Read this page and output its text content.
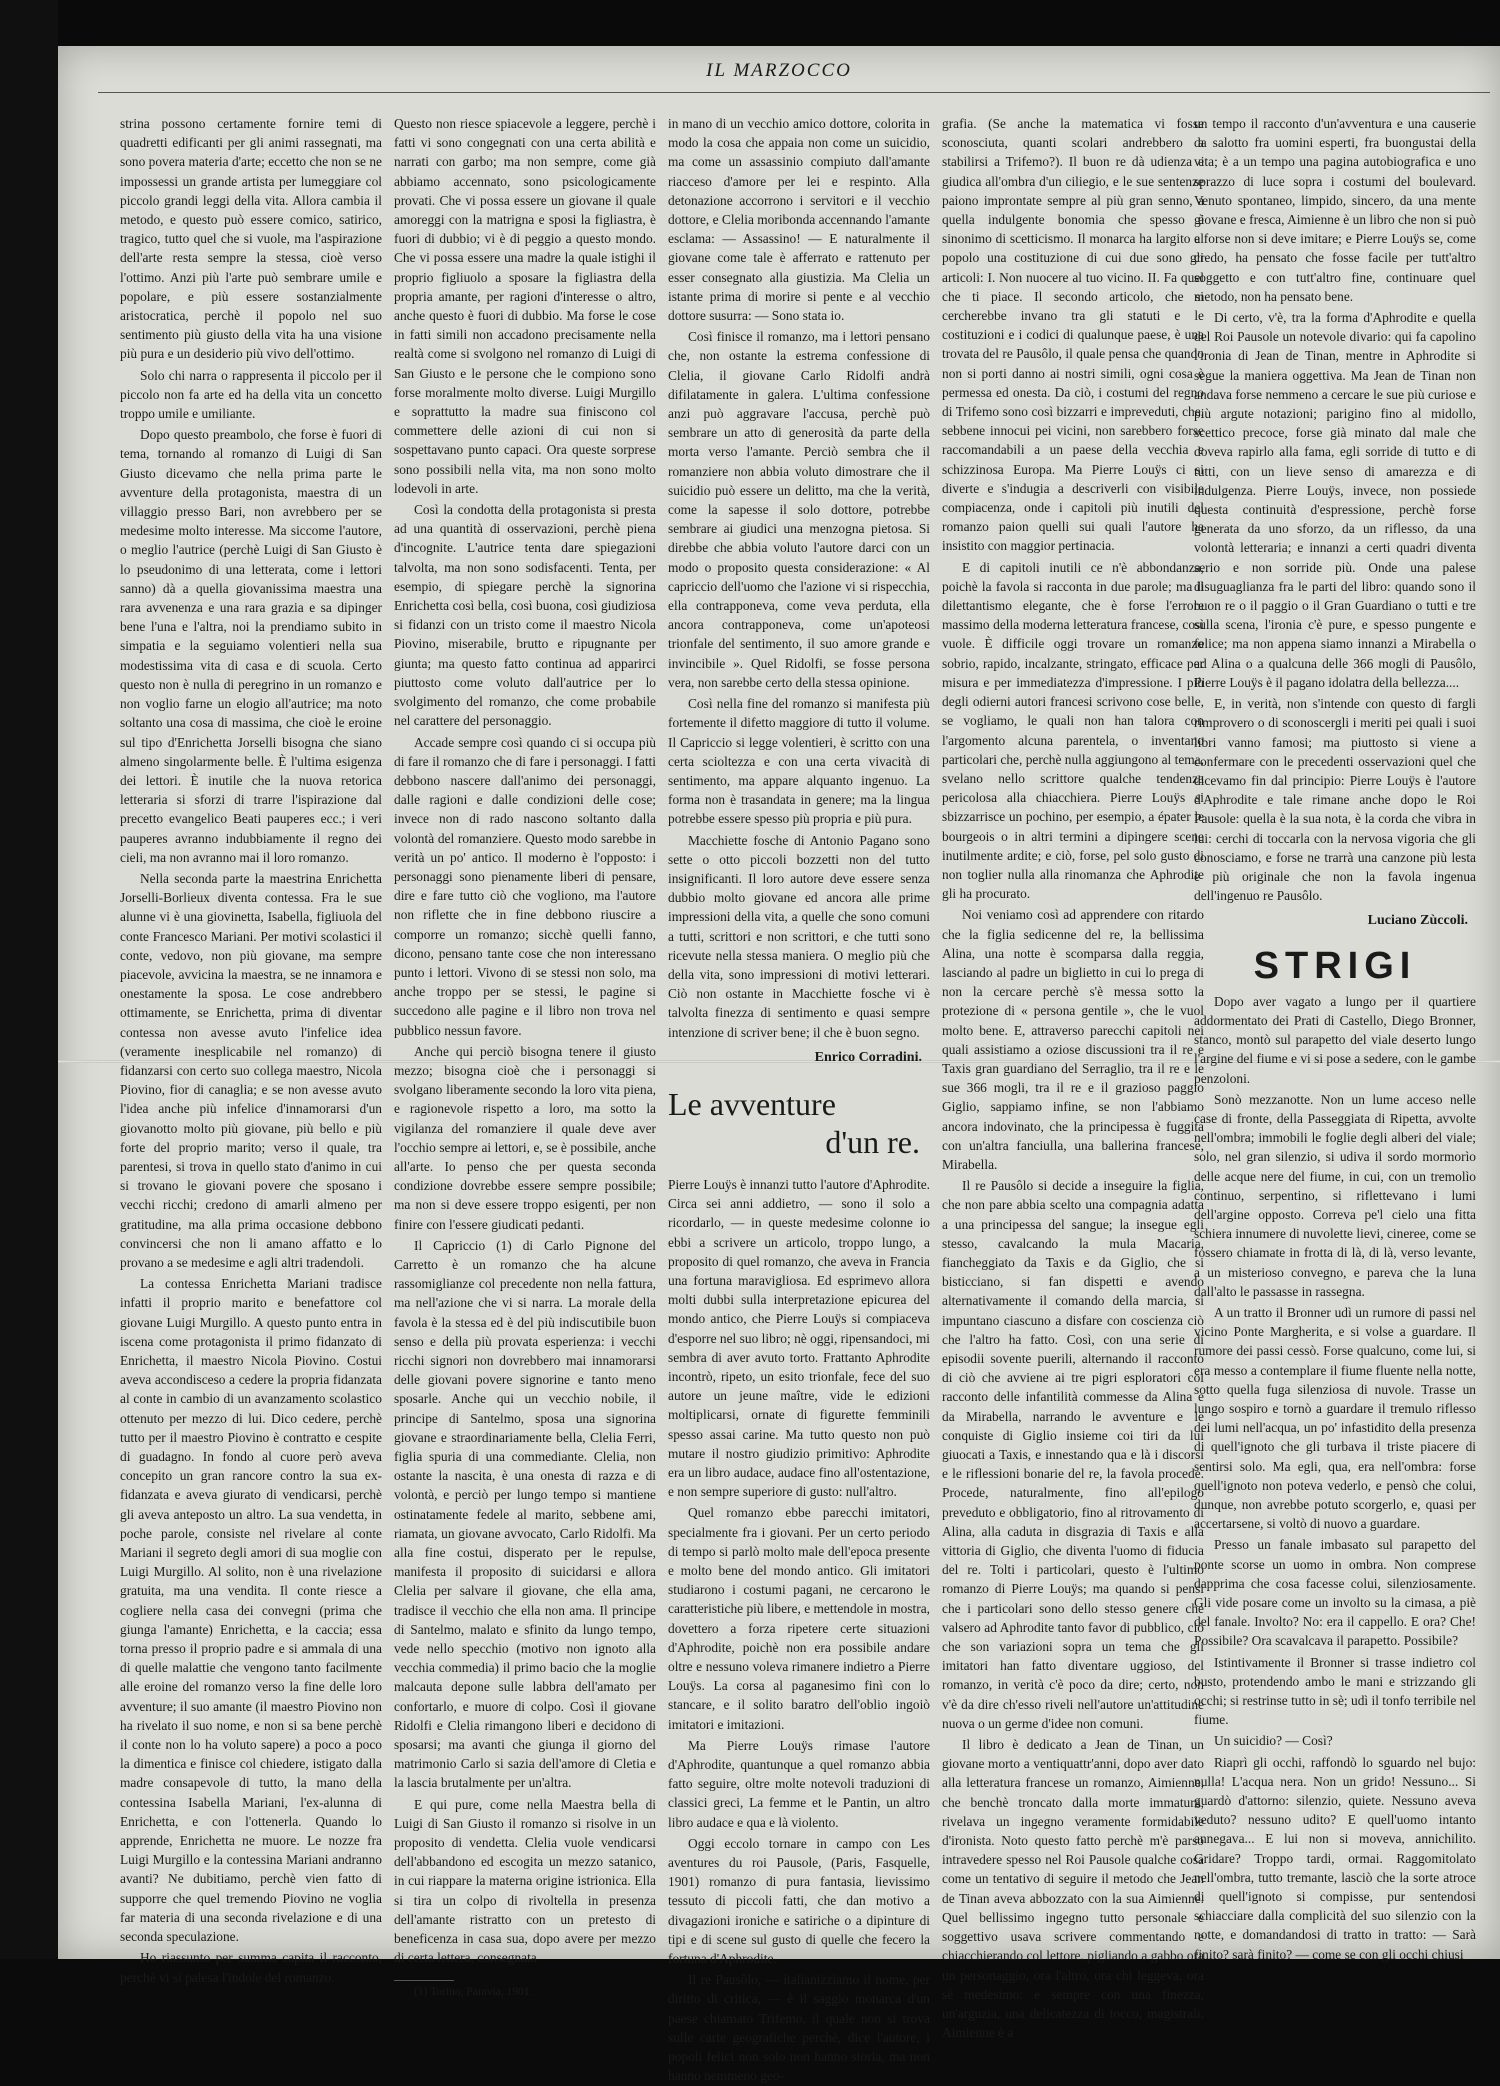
IL MARZOCCO

strina possono certamente fornire temi di quadretti edificanti per gli animi rassegnati, ma sono povera materia d'arte; eccetto che non se ne impossessi un grande artista per lumeggiare col piccolo grandi leggi della vita. Allora cambia il metodo, e questo può essere comico, satirico, tragico, tutto quel che si vuole, ma l'aspirazione dell'arte resta sempre la stessa, cioè verso l'ottimo. Anzi più l'arte può sembrare umile e popolare, e più essere sostanzialmente aristocratica, perchè il popolo nel suo sentimento più giusto della vita ha una visione più pura e un desiderio più vivo dell'ottimo.

Solo chi narra o rappresenta il piccolo per il piccolo non fa arte ed ha della vita un concetto troppo umile e umiliante.

Dopo questo preambolo, che forse è fuori di tema, tornando al romanzo di Luigi di San Giusto dicevamo che nella prima parte le avventure della protagonista, maestra di un villaggio presso Bari, non avrebbero per se medesime molto interesse. Ma siccome l'autore, o meglio l'autrice (perchè Luigi di San Giusto è lo pseudonimo di una letterata, come i lettori sanno) dà a quella giovanissima maestra una rara avvenenza e una rara grazia e sa dipinger bene l'una e l'altra, noi la prendiamo subito in simpatia e la seguiamo volentieri nella sua modestissima vita di casa e di scuola. Certo questo non è nulla di peregrino in un romanzo e non voglio farne un elogio all'autrice; ma noto soltanto una cosa di massima, che cioè le eroine sul tipo d'Enrichetta Jorselli bisogna che siano almeno singolarmente belle. È l'ultima esigenza dei lettori. È inutile che la nuova retorica letteraria si sforzi di trarre l'ispirazione dal precetto evangelico Beati pauperes ecc.; i veri pauperes avranno indubbiamente il regno dei cieli, ma non avranno mai il loro romanzo.

Nella seconda parte la maestrina Enrichetta Jorselli-Borlieux diventa contessa. Fra le sue alunne vi è una giovinetta, Isabella, figliuola del conte Francesco Mariani. Per motivi scolastici il conte, vedovo, non più giovane, ma sempre piacevole, avvicina la maestra, se ne innamora e onestamente la sposa. Le cose andrebbero ottimamente, se Enrichetta, prima di diventar contessa non avesse avuto l'infelice idea (veramente inesplicabile nel romanzo) di fidanzarsi con certo suo collega maestro, Nicola Piovino, fior di canaglia; e se non avesse avuto l'idea anche più infelice d'innamorarsi d'un giovanotto molto più giovane, più bello e più forte del proprio marito; verso il quale, tra parentesi, si trova in quello stato d'animo in cui si trovano le giovani povere che sposano i vecchi ricchi; credono di amarli almeno per gratitudine, ma alla prima occasione debbono convincersi che non li amano affatto e lo provano a se medesime e agli altri tradendoli.

La contessa Enrichetta Mariani tradisce infatti il proprio marito e benefattore col giovane Luigi Murgillo. A questo punto entra in iscena come protagonista il primo fidanzato di Enrichetta, il maestro Nicola Piovino. Costui aveva accondisceso a cedere la propria fidanzata al conte in cambio di un avanzamento scolastico ottenuto per mezzo di lui. Dico cedere, perchè tutto per il maestro Piovino è contratto e cespite di guadagno. In fondo al cuore però aveva concepito un gran rancore contro la sua ex-fidanzata e aveva giurato di vendicarsi, perchè gli aveva anteposto un altro. La sua vendetta, in poche parole, consiste nel rivelare al conte Mariani il segreto degli amori di sua moglie con Luigi Murgillo. Al solito, non è una rivelazione gratuita, ma una vendita. Il conte riesce a cogliere nella casa dei convegni (prima che giunga l'amante) Enrichetta, e la caccia; essa torna presso il proprio padre e si ammala di una di quelle malattie che vengono tanto facilmente alle eroine del romanzo verso la fine delle loro avventure; il suo amante (il maestro Piovino non ha rivelato il suo nome, e non si sa bene perchè il conte non lo ha voluto sapere) a poco a poco la dimentica e finisce col chiedere, istigato dalla madre consapevole di tutto, la mano della contessina Isabella Mariani, l'ex-alunna di Enrichetta, e con l'ottenerla. Quando lo apprende, Enrichetta ne muore. Le nozze fra Luigi Murgillo e la contessina Mariani andranno avanti? Ne dubitiamo, perchè vien fatto di supporre che quel tremendo Piovino ne voglia far materia di una seconda rivelazione e di una seconda speculazione.

Ho riassunto per summa capita il racconto, perchè vi si palesa l'indole del romanzo.

Questo non riesce spiacevole a leggere, perchè i fatti vi sono congegnati con una certa abilità e narrati con garbo; ma non sempre, come già abbiamo accennato, sono psicologicamente provati. Che vi possa essere un giovane il quale amoreggi con la matrigna e sposi la figliastra, è fuori di dubbio; vi è di peggio a questo mondo. Che vi possa essere una madre la quale istighi il proprio figliuolo a sposare la figliastra della propria amante, per ragioni d'interesse o altro, anche questo è fuori di dubbio. Ma forse le cose in fatti simili non accadono precisamente nella realtà come si svolgono nel romanzo di Luigi di San Giusto e le persone che le compiono sono forse moralmente molto diverse. Luigi Murgillo e soprattutto la madre sua finiscono col commettere delle azioni di cui non si sospettavano punto capaci. Ora queste sorprese sono possibili nella vita, ma non sono molto lodevoli in arte.

Così la condotta della protagonista si presta ad una quantità di osservazioni, perchè piena d'incognite. L'autrice tenta dare spiegazioni talvolta, ma non sono sodisfacenti. Tenta, per esempio, di spiegare perchè la signorina Enrichetta così bella, così buona, così giudiziosa si fidanzi con un tristo come il maestro Nicola Piovino, miserabile, brutto e ripugnante per giunta; ma questo fatto continua ad apparirci piuttosto come voluto dall'autrice per lo svolgimento del romanzo, che come probabile nel carattere del personaggio.

Accade sempre così quando ci si occupa più di fare il romanzo che di fare i personaggi. I fatti debbono nascere dall'animo dei personaggi, dalle ragioni e dalle condizioni delle cose; invece non di rado nascono soltanto dalla volontà del romanziere. Questo modo sarebbe in verità un po' antico. Il moderno è l'opposto: i personaggi sono pienamente liberi di pensare, dire e fare tutto ciò che vogliono, ma l'autore non riflette che in fine debbono riuscire a comporre un romanzo; sicchè quelli fanno, dicono, pensano tante cose che non interessano punto i lettori. Vivono di se stessi non solo, ma anche troppo per se stessi, le pagine si succedono alle pagine e il libro non trova nel pubblico nessun favore.

Anche qui perciò bisogna tenere il giusto mezzo; bisogna cioè che i personaggi si svolgano liberamente secondo la loro vita piena, e ragionevole rispetto a loro, ma sotto la vigilanza del romanziere il quale deve aver l'occhio sempre ai lettori, e, se è possibile, anche all'arte. Io penso che per questa seconda condizione dovrebbe essere sempre possibile; ma non si deve essere troppo esigenti, per non finire con l'essere giudicati pedanti.

Il Capriccio (1) di Carlo Pignone del Carretto è un romanzo che ha alcune rassomiglianze col precedente non nella fattura, ma nell'azione che vi si narra. La morale della favola è la stessa ed è del più indiscutibile buon senso e della più provata esperienza: i vecchi ricchi signori non dovrebbero mai innamorarsi delle giovani povere signorine e tanto meno sposarle. Anche qui un vecchio nobile, il principe di Santelmo, sposa una signorina giovane e straordinariamente bella, Clelia Ferri, figlia spuria di una commediante. Clelia, non ostante la nascita, è una onesta di razza e di volontà, e perciò per lungo tempo si mantiene ostinatamente fedele al marito, sebbene ami, riamata, un giovane avvocato, Carlo Ridolfi. Ma alla fine costui, disperato per le repulse, manifesta il proposito di suicidarsi e allora Clelia per salvare il giovane, che ella ama, tradisce il vecchio che ella non ama. Il principe di Santelmo, malato e sfinito da lungo tempo, vede nello specchio (motivo non ignoto alla vecchia commedia) il primo bacio che la moglie malcauta depone sulle labbra dell'amato per confortarlo, e muore di colpo. Così il giovane Ridolfi e Clelia rimangono liberi e decidono di sposarsi; ma avanti che giunga il giorno del matrimonio Carlo si sazia dell'amore di Cletia e la lascia brutalmente per un'altra.

E qui pure, come nella Maestra bella di Luigi di San Giusto il romanzo si risolve in un proposito di vendetta. Clelia vuole vendicarsi dell'abbandono ed escogita un mezzo satanico, in cui riappare la materna origine istrionica. Ella si tira un colpo di rivoltella in presenza dell'amante ristratto con un pretesto di beneficenza in casa sua, dopo avere per mezzo di certa lettera, consegnata

(1) Torino, Paravia, 1901.

in mano di un vecchio amico dottore, colorita in modo la cosa che appaia non come un suicidio, ma come un assassinio compiuto dall'amante riacceso d'amore per lei e respinto. Alla detonazione accorrono i servitori e il vecchio dottore, e Clelia moribonda accennando l'amante esclama: — Assassino! — E naturalmente il giovane come tale è afferrato e rattenuto per esser consegnato alla giustizia. Ma Clelia un istante prima di morire si pente e al vecchio dottore susurra: — Sono stata io.

Così finisce il romanzo, ma i lettori pensano che, non ostante la estrema confessione di Clelia, il giovane Carlo Ridolfi andrà difilatamente in galera. L'ultima confessione anzi può aggravare l'accusa, perchè può sembrare un atto di generosità da parte della morta verso l'amante. Perciò sembra che il romanziere non abbia voluto dimostrare che il suicidio può essere un delitto, ma che la verità, come la sapesse il solo dottore, potrebbe sembrare ai giudici una menzogna pietosa. Si direbbe che abbia voluto l'autore darci con un modo o proposito questa considerazione: « Al capriccio dell'uomo che l'azione vi si rispecchia, ella contrapponeva, come veva perduta, ella ancora contrapponeva, come un'apoteosi trionfale del sentimento, il suo amore grande e invincibile ». Quel Ridolfi, se fosse persona vera, non sarebbe certo della stessa opinione.

Così nella fine del romanzo si manifesta più fortemente il difetto maggiore di tutto il volume. Il Capriccio si legge volentieri, è scritto con una certa scioltezza e con una certa vivacità di sentimento, ma appare alquanto ingenuo. La forma non è trasandata in genere; ma la lingua potrebbe essere spesso più propria e più pura.

Macchiette fosche di Antonio Pagano sono sette o otto piccoli bozzetti non del tutto insignificanti. Il loro autore deve essere senza dubbio molto giovane ed ancora alle prime impressioni della vita, a quelle che sono comuni a tutti, scrittori e non scrittori, e che tutti sono ricevute nella stessa maniera. O meglio più che della vita, sono impressioni di motivi letterari. Ciò non ostante in Macchiette fosche vi è talvolta finezza di sentimento e quasi sempre intenzione di scriver bene; il che è buon segno.

Enrico Corradini.
Le avventure
d'un re.

Pierre Louÿs è innanzi tutto l'autore d'Aphrodite. Circa sei anni addietro, — sono il solo a ricordarlo, — in queste medesime colonne io ebbi a scrivere un articolo, troppo lungo, a proposito di quel romanzo, che aveva in Francia una fortuna maravigliosa. Ed esprimevo allora molti dubbi sulla interpretazione epicurea del mondo antico, che Pierre Louÿs si compiaceva d'esporre nel suo libro; nè oggi, ripensandoci, mi sembra di aver avuto torto. Frattanto Aphrodite incontrò, ripeto, un esito trionfale, fece del suo autore un jeune maître, vide le edizioni moltiplicarsi, ornate di figurette femminili spesso assai carine. Ma tutto questo non può mutare il nostro giudizio primitivo: Aphrodite era un libro audace, audace fino all'ostentazione, e non sempre superiore di gusto: null'altro.

Quel romanzo ebbe parecchi imitatori, specialmente fra i giovani. Per un certo periodo di tempo si parlò molto male dell'epoca presente e molto bene del mondo antico. Gli imitatori studiarono i costumi pagani, ne cercarono le caratteristiche più libere, e mettendole in mostra, dovettero a forza ripetere certe situazioni d'Aphrodite, poichè non era possibile andare oltre e nessuno voleva rimanere indietro a Pierre Louÿs. La corsa al paganesimo finì con lo stancare, e il solito baratro dell'oblio ingoiò imitatori e imitazioni.

Ma Pierre Louÿs rimase l'autore d'Aphrodite, quantunque a quel romanzo abbia fatto seguire, oltre molte notevoli traduzioni di classici greci, La femme et le Pantin, un altro libro audace e qua e là violento.

Oggi eccolo tornare in campo con Les aventures du roi Pausole, (Paris, Fasquelle, 1901) romanzo di pura fantasia, lievissimo tessuto di piccoli fatti, che dan motivo a divagazioni ironiche e satiriche o a dipinture di tipi e di scene sul gusto di quelle che fecero la fortuna d'Aphrodite.

Il re Pausôlo, — italianizziamo il nome, per diritto di critica, — è il saggio monarca d'un paese chiamato Trifemo, il quale non si trova sulle carte geografiche perchè, dice l'autore, i popoli felici non solo non hanno storia, ma non hanno nemmeno geo-

grafia. (Se anche la matematica vi fosse sconosciuta, quanti scolari andrebbero a stabilirsi a Trifemo?). Il buon re dà udienza e giudica all'ombra d'un ciliegio, e le sue sentenze paiono improntate sempre al più gran senno, a quella indulgente bonomia che spesso è sinonimo di scetticismo. Il monarca ha largito al popolo una costituzione di cui due sono gli articoli: I. Non nuocere al tuo vicino. II. Fa quel che ti piace. Il secondo articolo, che si cercherebbe invano tra gli statuti e le costituzioni e i codici di qualunque paese, è una trovata del re Pausôlo, il quale pensa che quando non si porti danno ai nostri simili, ogni cosa è permessa ed onesta. Da ciò, i costumi del regno di Trifemo sono così bizzarri e impreveduti, che, sebbene innocui pei vicini, non sarebbero forse raccomandabili a un paese della vecchia e schizzinosa Europa. Ma Pierre Louÿs ci si diverte e s'indugia a descriverli con visibile compiacenza, onde i capitoli più inutili del romanzo paion quelli sui quali l'autore ha insistito con maggior pertinacia.

E di capitoli inutili ce n'è abbondanza, poichè la favola si racconta in due parole; ma il dilettantismo elegante, che è forse l'errore massimo della moderna letteratura francese, così vuole. È difficile oggi trovare un romanzo sobrio, rapido, incalzante, stringato, efficace per misura e per immediatezza d'impressione. I più degli odierni autori francesi scrivono cose belle, se vogliamo, le quali non han talora con l'argomento alcuna parentela, o inventano particolari che, perchè nulla aggiungono al tema, svelano nello scrittore qualche tendenza pericolosa alla chiacchiera. Pierre Louÿs si sbizzarrisce un pochino, per esempio, a épater le bourgeois o in altri termini a dipingere scene inutilmente ardite; e ciò, forse, pel solo gusto di non toglier nulla alla rinomanza che Aphrodite gli ha procurato.

Noi veniamo così ad apprendere con ritardo che la figlia sedicenne del re, la bellissima Alina, una notte è scomparsa dalla reggia, lasciando al padre un biglietto in cui lo prega di non la cercare perchè s'è messa sotto la protezione di « persona gentile », che le vuol molto bene. E, attraverso parecchi capitoli nei quali assistiamo a oziose discussioni tra il re e Taxis gran guardiano del Serraglio, tra il re e le sue 366 mogli, tra il re e il grazioso paggio Giglio, sappiamo infine, se non l'abbiamo ancora indovinato, che la principessa è fuggita con un'altra fanciulla, una ballerina francese, Mirabella.

Il re Pausôlo si decide a inseguire la figlia, che non pare abbia scelto una compagnia adatta a una principessa del sangue; la insegue egli stesso, cavalcando la mula Macaria, fiancheggiato da Taxis e da Giglio, che si bisticciano, si fan dispetti e avendo alternativamente il comando della marcia, si impuntano ciascuno a disfare con coscienza ciò che l'altro ha fatto. Così, con una serie di episodii sovente puerili, alternando il racconto di ciò che avviene ai tre pigri esploratori col racconto delle infantilità commesse da Alina e da Mirabella, narrando le avventure e le conquiste di Giglio insieme coi tiri da lui giuocati a Taxis, e innestando qua e là i discorsi e le riflessioni bonarie del re, la favola procede. Procede, naturalmente, fino all'epilogo preveduto e obbligatorio, fino al ritrovamento di Alina, alla caduta in disgrazia di Taxis e alla vittoria di Giglio, che diventa l'uomo di fiducia del re. Tolti i particolari, questo è l'ultimo romanzo di Pierre Louÿs; ma quando si pensi che i particolari sono dello stesso genere che valsero ad Aphrodite tanto favor di pubblico, ciò che son variazioni sopra un tema che gli imitatori han fatto diventare uggioso, del romanzo, in verità c'è poco da dire; certo, non v'è da dire ch'esso riveli nell'autore un'attitudine nuova o un germe d'idee non comuni.

Il libro è dedicato a Jean de Tinan, un giovane morto a ventiquattr'anni, dopo aver dato alla letteratura francese un romanzo, Aimienne, che benchè troncato dalla morte immatura, rivelava un ingegno veramente formidabile d'ironista. Noto questo fatto perchè m'è parso intravedere spesso nel Roi Pausole qualche cosa come un tentativo di seguire il metodo che Jean de Tinan aveva abbozzato con la sua Aimienne. Quel bellissimo ingegno tutto personale e soggettivo usava scrivere commentando e chiacchierando col lettore, pigliando a gabbo ora un personaggio, ora l'altro, ora chi leggeva, ora sè medesimo: e sempre con una finezza, un'arguzia, una delicatezza di tocco, magistrali. Aimienne è a

un tempo il racconto d'un'avventura e una causerie da salotto fra uomini esperti, fra buongustai della vita; è a un tempo una pagina autobiografica e uno sprazzo di luce sopra i costumi del boulevard. Venuto spontaneo, limpido, sincero, da una mente giovane e fresca, Aimienne è un libro che non si può e forse non si deve imitare; e Pierre Louÿs se, come credo, ha pensato che fosse facile per tutt'altro soggetto e con tutt'altro fine, continuare quel metodo, non ha pensato bene.

Di certo, v'è, tra la forma d'Aphrodite e quella del Roi Pausole un notevole divario: qui fa capolino l'ironia di Jean de Tinan, mentre in Aphrodite si segue la maniera oggettiva. Ma Jean de Tinan non andava forse nemmeno a cercare le sue più curiose e più argute notazioni; parigino fino al midollo, scettico precoce, forse già minato dal male che doveva rapirlo alla fama, egli sorride di tutto e di tutti, con un lieve senso di amarezza e di indulgenza. Pierre Louÿs, invece, non possiede questa continuità d'espressione, perchè forse generata da uno sforzo, da un riflesso, da una volontà letteraria; e innanzi a certi quadri diventa serio e non sorride più. Onde una palese disuguaglianza fra le parti del libro: quando sono il buon re o il paggio o il Gran Guardiano o tutti e tre sulla scena, l'ironia c'è pure, e spesso pungente e felice; ma non appena siamo innanzi a Mirabella o ad Alina o a qualcuna delle 366 mogli di Pausôlo, Pierre Louÿs è il pagano idolatra della bellezza....

E, in verità, non s'intende con questo di fargli rimprovero o di sconoscergli i meriti pei quali i suoi libri vanno famosi; ma piuttosto si viene a confermare con le precedenti osservazioni quel che dicevamo fin dal principio: Pierre Louÿs è l'autore d'Aphrodite e tale rimane anche dopo le Roi Pausole: quella è la sua nota, è la corda che vibra in lui: cerchi di toccarla con la nervosa vigoria che gli conosciamo, e forse ne trarrà una canzone più lesta e più originale che non la favola ingenua dell'ingenuo re Pausôlo.

Luciano Zùccoli.
STRIGI

Dopo aver vagato a lungo per il quartiere addormentato dei Prati di Castello, Diego Bronner, stanco, montò sul parapetto del viale deserto lungo l'argine del fiume e vi si pose a sedere, con le gambe penzoloni.

Sonò mezzanotte. Non un lume acceso nelle case di fronte, della Passeggiata di Ripetta, avvolte nell'ombra; immobili le foglie degli alberi del viale; solo, nel gran silenzio, si udiva il sordo mormorìo delle acque nere del fiume, in cui, con un tremolìo continuo, serpentino, si riflettevano i lumi dell'argine opposto. Correva pe'l cielo una fitta schiera innumere di nuvolette lievi, cineree, come se fossero chiamate in frotta di là, di là, verso levante, a un misterioso convegno, e pareva che la luna dall'alto le passasse in rassegna.

A un tratto il Bronner udì un rumore di passi nel vicino Ponte Margherita, e si volse a guardare. Il rumore dei passi cessò. Forse qualcuno, come lui, si era messo a contemplare il fiume fluente nella notte, sotto quella fuga silenziosa di nuvole. Trasse un lungo sospiro e tornò a guardare il tremulo riflesso dei lumi nell'acqua, un po' infastidito della presenza di quell'ignoto che gli turbava il triste piacere di sentirsi solo. Ma egli, qua, era nell'ombra: forse quell'ignoto non poteva vederlo, e pensò che colui, dunque, non avrebbe potuto scorgerlo, e, quasi per accertarsene, si voltò di nuovo a guardare.

Presso un fanale imbasato sul parapetto del ponte scorse un uomo in ombra. Non comprese dapprima che cosa facesse colui, silenziosamente. Gli vide posare come un involto su la cimasa, a piè del fanale. Involto? No: era il cappello. E ora? Che! Possibile? Ora scavalcava il parapetto. Possibile?

Istintivamente il Bronner si trasse indietro col busto, protendendo ambo le mani e strizzando gli occhi; si restrinse tutto in sè; udì il tonfo terribile nel fiume.

Un suicidio? — Così?

Riaprì gli occhi, raffondò lo sguardo nel bujo: nulla! L'acqua nera. Non un grido! Nessuno... Si guardò d'attorno: silenzio, quiete. Nessuno aveva veduto? nessuno udito? E quell'uomo intanto annegava... E lui non si moveva, annichilito. Gridare? Troppo tardi, ormai. Raggomitolato nell'ombra, tutto tremante, lasciò che la sorte atroce di quell'ignoto si compisse, pur sentendosi schiacciare dalla complicità del suo silenzio con la notte, e domandandosi di tratto in tratto: — Sarà finito? sarà finito? — come se con gli occhi chiusi
